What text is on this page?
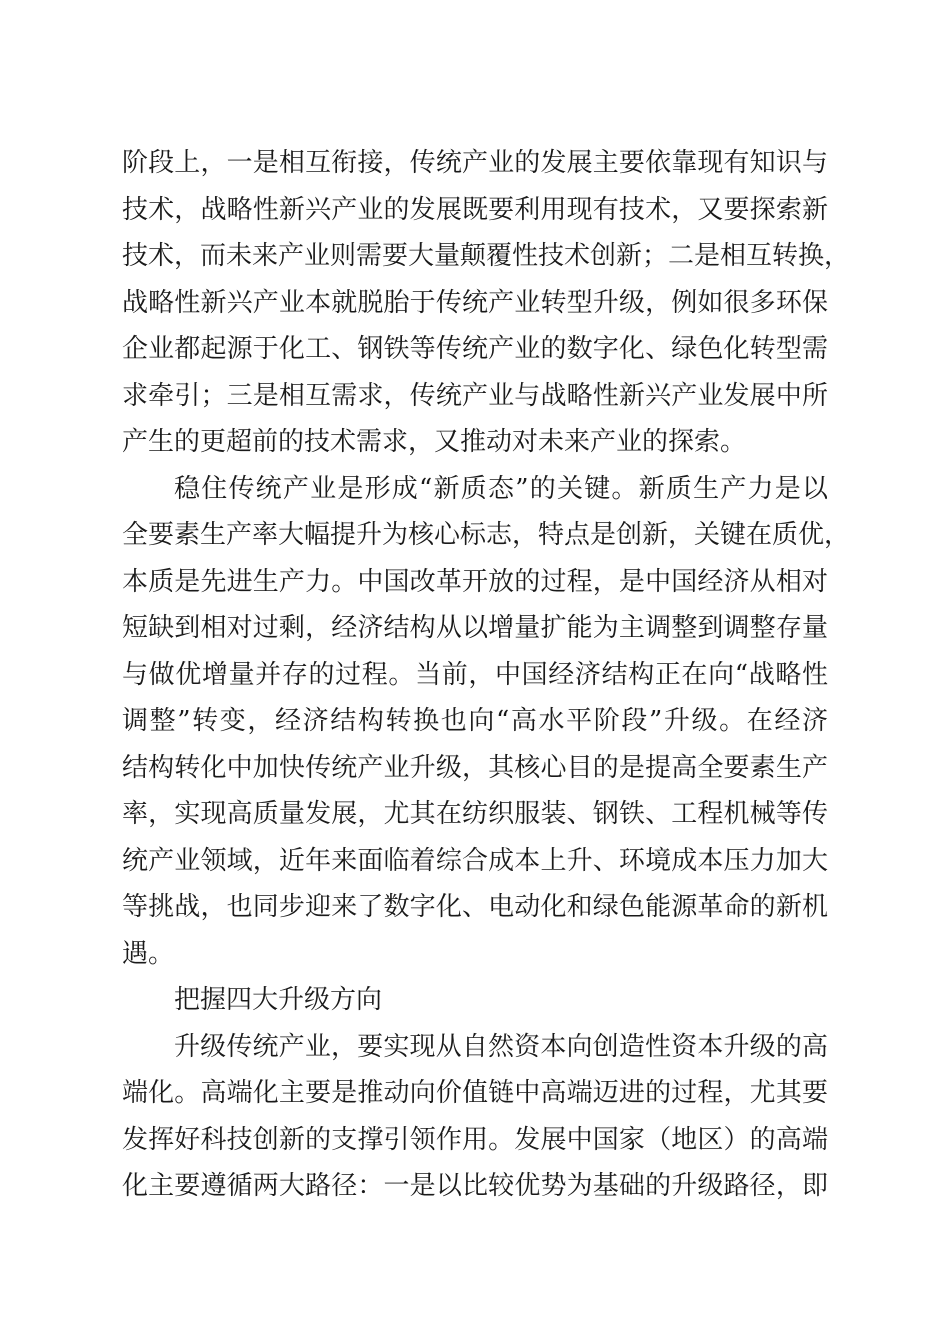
阶段上，一是相互衔接，传统产业的发展主要依靠现有知识与
技术，战略性新兴产业的发展既要利用现有技术，又要探索新
技术，而未来产业则需要大量颠覆性技术创新；二是相互转换，
战略性新兴产业本就脱胎于传统产业转型升级，例如很多环保
企业都起源于化工、钢铁等传统产业的数字化、绿色化转型需
求牵引；三是相互需求，传统产业与战略性新兴产业发展中所
产生的更超前的技术需求，又推动对未来产业的探索。
稳住传统产业是形成“新质态”的关键。新质生产力是以
全要素生产率大幅提升为核心标志，特点是创新，关键在质优，
本质是先进生产力。中国改革开放的过程，是中国经济从相对
短缺到相对过剩，经济结构从以增量扩能为主调整到调整存量
与做优增量并存的过程。当前，中国经济结构正在向“战略性
调整”转变，经济结构转换也向“高水平阶段”升级。在经济
结构转化中加快传统产业升级，其核心目的是提高全要素生产
率，实现高质量发展，尤其在纺织服装、钢铁、工程机械等传
统产业领域，近年来面临着综合成本上升、环境成本压力加大
等挑战，也同步迎来了数字化、电动化和绿色能源革命的新机
遇。
把握四大升级方向
升级传统产业，要实现从自然资本向创造性资本升级的高
端化。高端化主要是推动向价值链中高端迈进的过程，尤其要
发挥好科技创新的支撑引领作用。发展中国家（地区）的高端
化主要遵循两大路径：一是以比较优势为基础的升级路径，即
